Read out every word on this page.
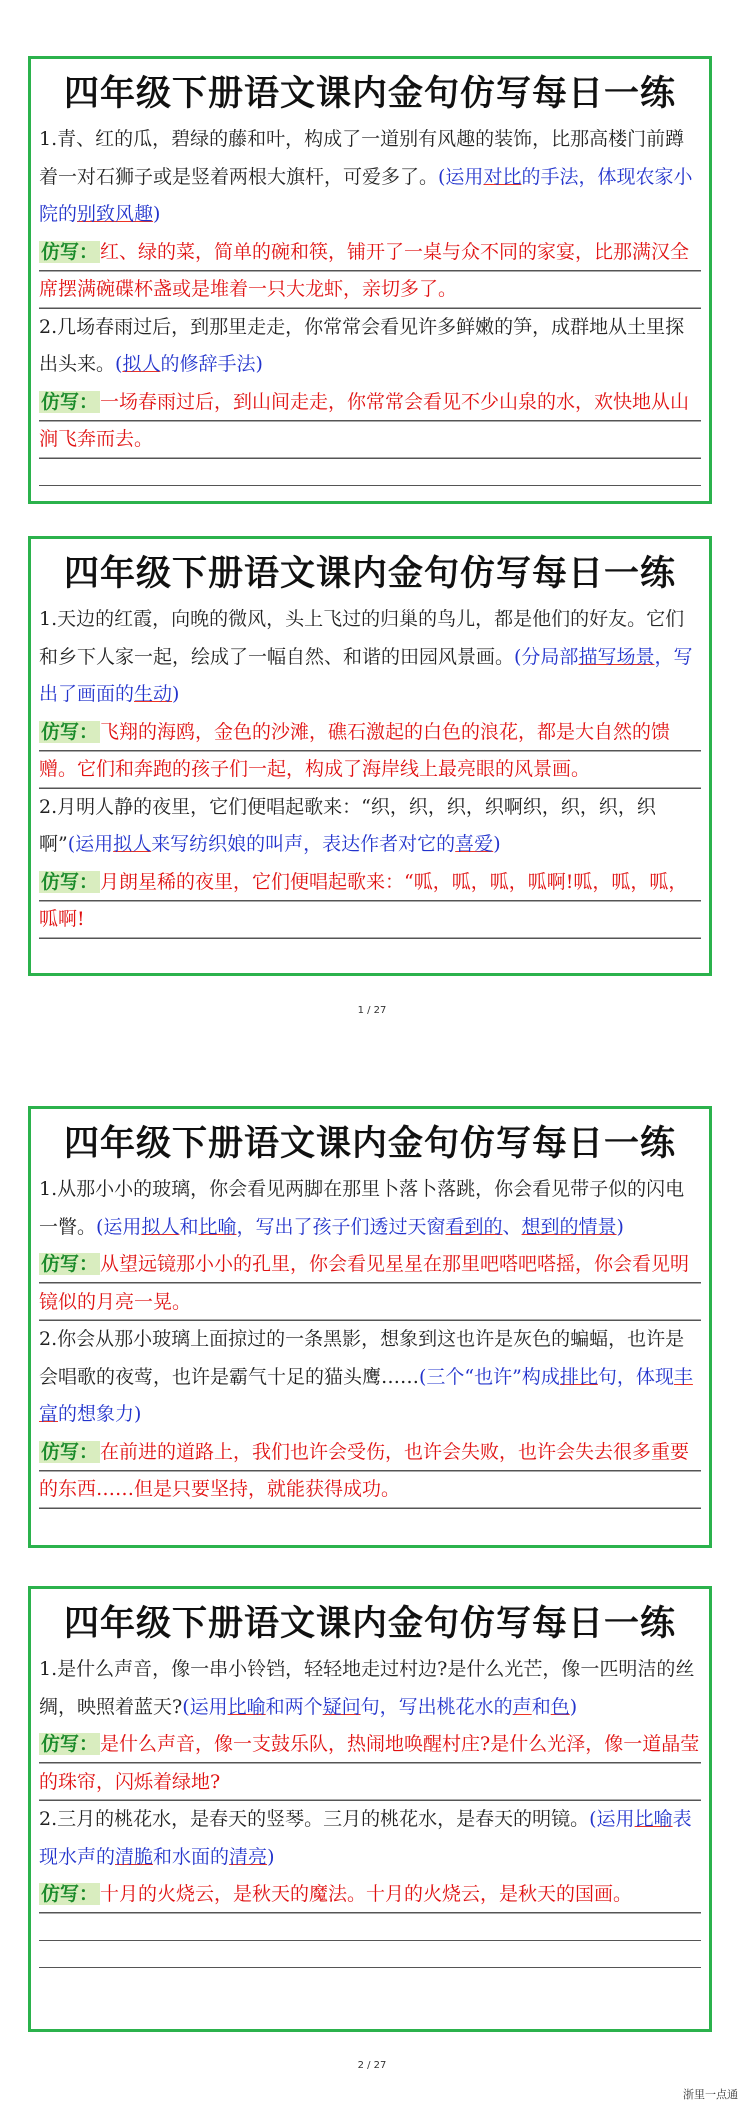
四年级下册语文课内金句仿写每日一练
1.青、红的瓜，碧绿的藤和叶，构成了一道别有风趣的装饰，比那高楼门前蹲着一对石狮子或是竖着两根大旗杆，可爱多了。(运用对比的手法，体现农家小院的别致风趣)
仿写： 红、绿的菜，简单的碗和筷，铺开了一桌与众不同的家宴，比那满汉全席摆满碗碟杯盏或是堆着一只大龙虾，亲切多了。
2.几场春雨过后，到那里走走，你常常会看见许多鲜嫩的笋，成群地从土里探出头来。(拟人的修辞手法)
仿写： 一场春雨过后，到山间走走，你常常会看见不少山泉的水，欢快地从山涧飞奔而去。
四年级下册语文课内金句仿写每日一练
1.天边的红霞，向晚的微风，头上飞过的归巢的鸟儿，都是他们的好友。它们和乡下人家一起，绘成了一幅自然、和谐的田园风景画。(分局部描写场景，写出了画面的生动)
仿写： 飞翔的海鸥，金色的沙滩，礁石激起的白色的浪花，都是大自然的馈赠。它们和奔跑的孩子们一起，构成了海岸线上最亮眼的风景画。
2.月明人静的夜里，它们便唱起歌来：“织，织，织，织啊织，织，织，织啊”(运用拟人来写纺织娘的叫声，表达作者对它的喜爱)
仿写： 月朗星稀的夜里，它们便唱起歌来：“呱，呱，呱，呱啊!呱，呱，呱，呱啊!
1 / 27
四年级下册语文课内金句仿写每日一练
1.从那小小的玻璃，你会看见两脚在那里卜落卜落跳，你会看见带子似的闪电一瞥。(运用拟人和比喻，写出了孩子们透过天窗看到的、想到的情景)
仿写： 从望远镜那小小的孔里，你会看见星星在那里吧嗒吧嗒摇，你会看见明镜似的月亮一晃。
2.你会从那小玻璃上面掠过的一条黑影，想象到这也许是灰色的蝙蝠，也许是会唱歌的夜莺，也许是霸气十足的猫头鹰……(三个“也许”构成排比句，体现丰富的想象力)
仿写： 在前进的道路上，我们也许会受伤，也许会失败，也许会失去很多重要的东西……但是只要坚持，就能获得成功。
四年级下册语文课内金句仿写每日一练
1.是什么声音，像一串小铃铛，轻轻地走过村边?是什么光芒，像一匹明洁的丝绸，映照着蓝天?(运用比喻和两个疑问句，写出桃花水的声和色)
仿写： 是什么声音，像一支鼓乐队，热闹地唤醒村庄?是什么光泽，像一道晶莹的珠帘，闪烁着绿地?
2.三月的桃花水，是春天的竖琴。三月的桃花水，是春天的明镜。(运用比喻表现水声的清脆和水面的清亮)
仿写： 十月的火烧云，是秋天的魔法。十月的火烧云，是秋天的国画。
2 / 27
浙里一点通
